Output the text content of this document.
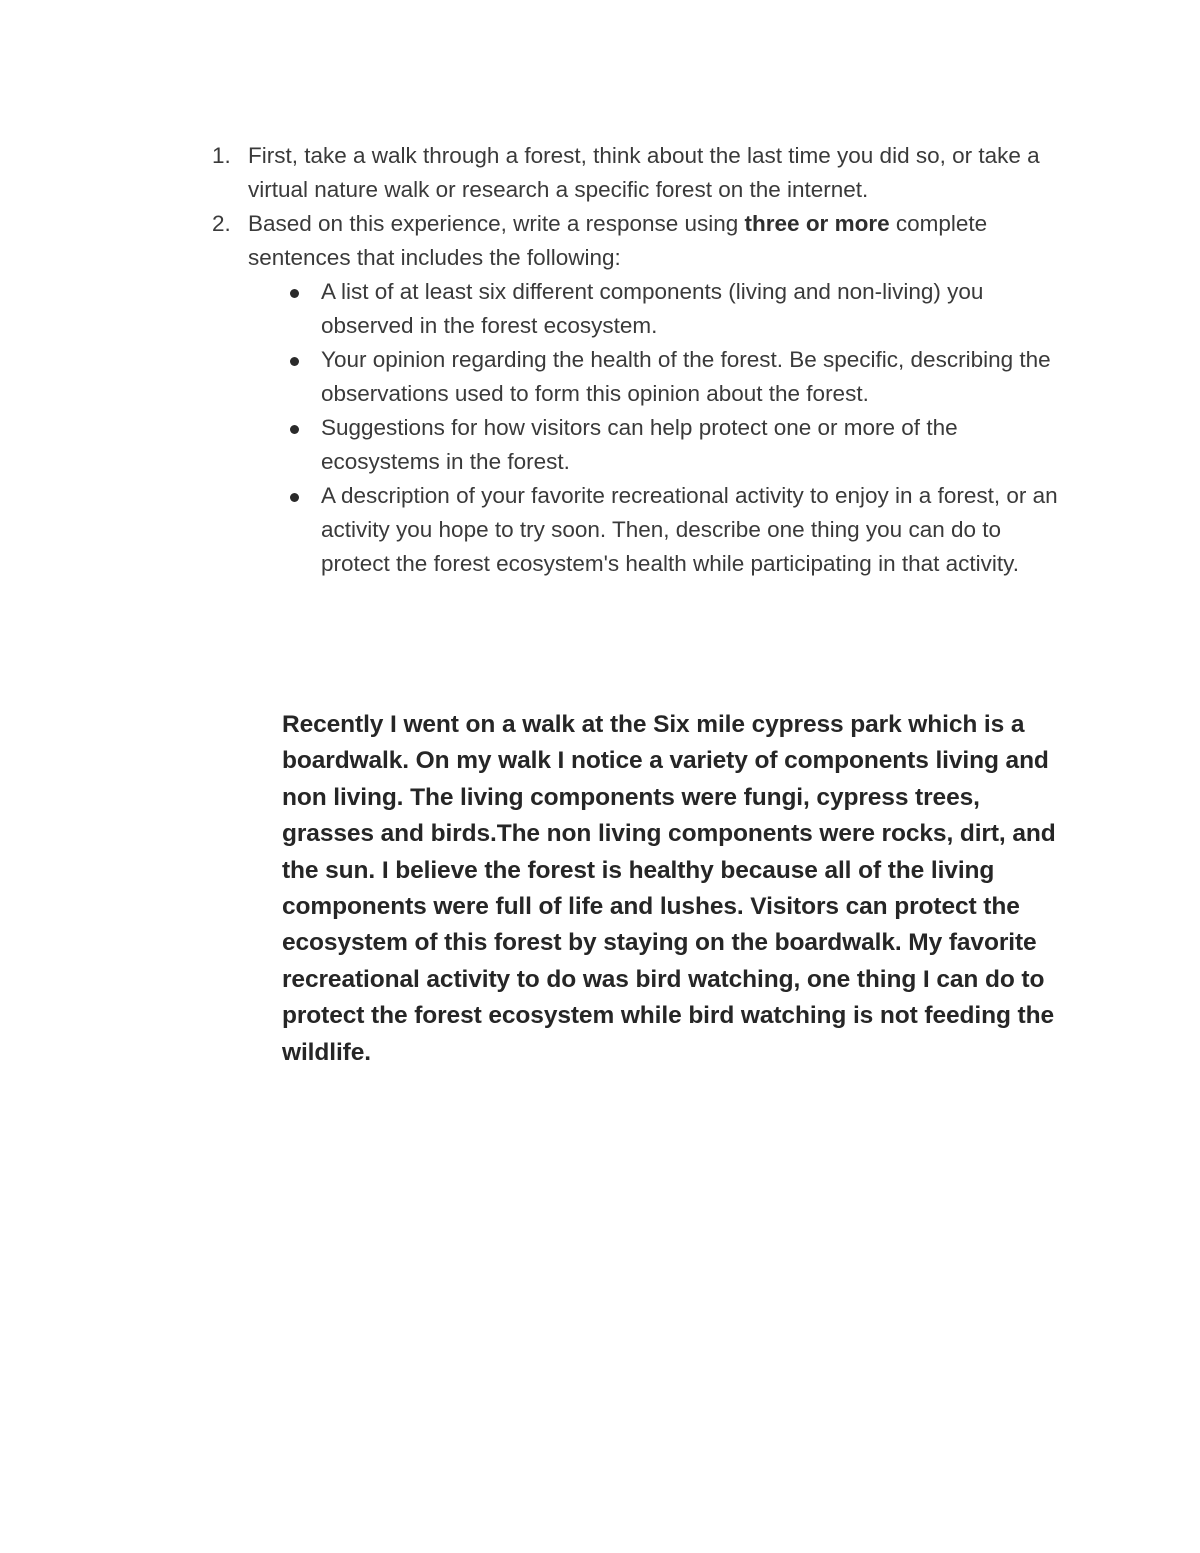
1. First, take a walk through a forest, think about the last time you did so, or take a virtual nature walk or research a specific forest on the internet.
2. Based on this experience, write a response using three or more complete sentences that includes the following:
A list of at least six different components (living and non-living) you observed in the forest ecosystem.
Your opinion regarding the health of the forest. Be specific, describing the observations used to form this opinion about the forest.
Suggestions for how visitors can help protect one or more of the ecosystems in the forest.
A description of your favorite recreational activity to enjoy in a forest, or an activity you hope to try soon. Then, describe one thing you can do to protect the forest ecosystem's health while participating in that activity.
Recently I went on a walk at the Six mile cypress park which is a boardwalk. On my walk I notice a variety of components living and non living. The living components were fungi, cypress trees, grasses and birds.The non living components were rocks, dirt, and the sun. I believe the forest is healthy because all of the living components were full of life and lushes. Visitors can protect the ecosystem of this forest by staying on the boardwalk. My favorite recreational activity to do was bird watching, one thing I can do to protect the forest ecosystem while bird watching is not feeding the wildlife.
